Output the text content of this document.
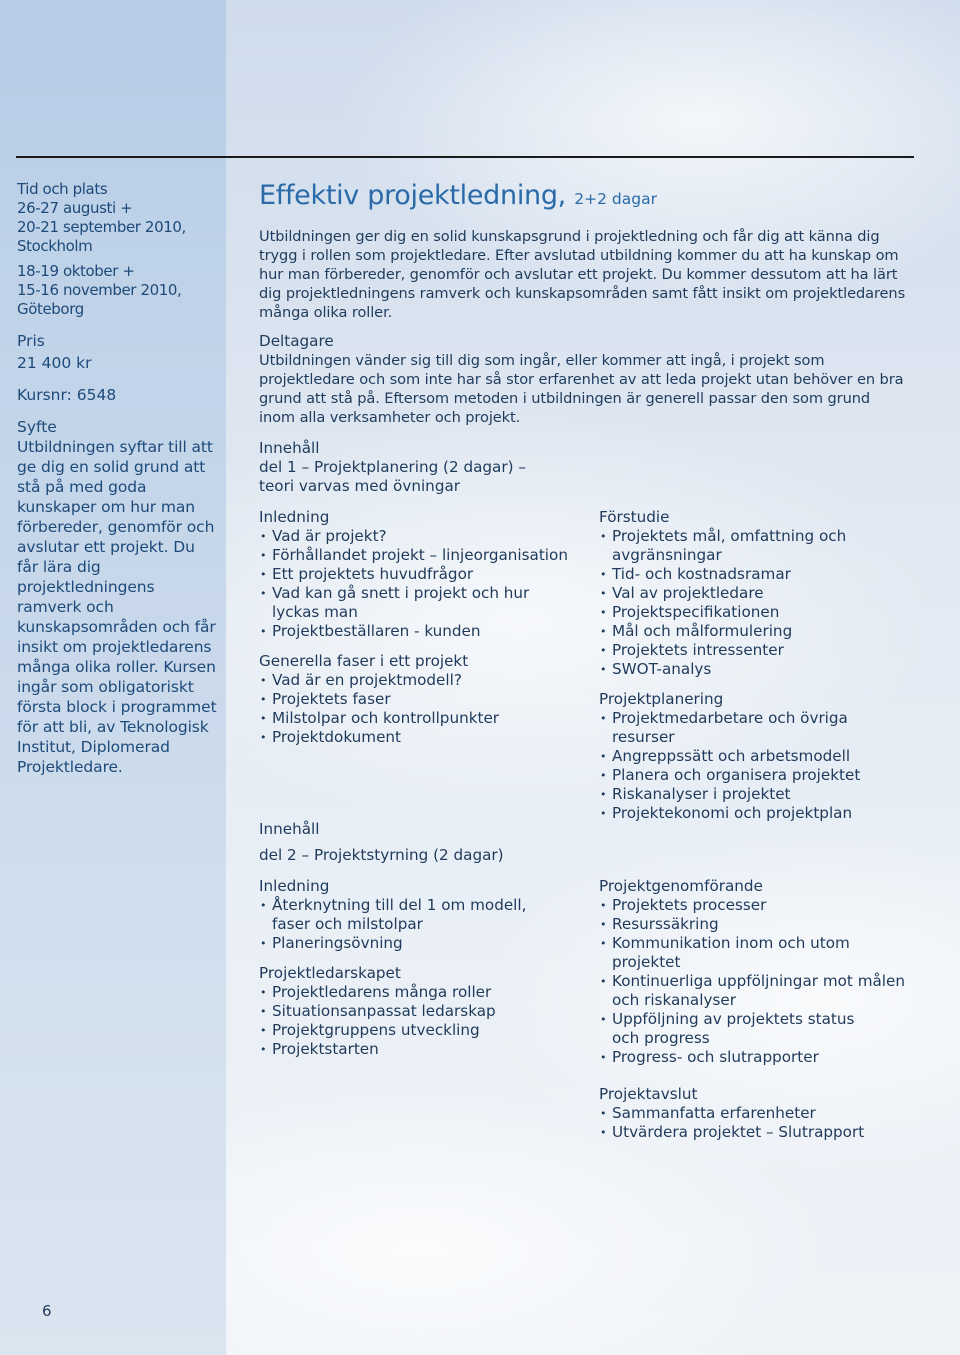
Tid och plats
26-27 augusti +
20-21 september 2010,
Stockholm
18-19 oktober +
15-16 november 2010,
Göteborg
Pris
21 400 kr
Kursnr: 6548
Syfte
Utbildningen syftar till att ge dig en solid grund att stå på med goda kunskaper om hur man förbereder, genomför och avslutar ett projekt. Du får lära dig projektledningens ramverk och kunskapsområden och får insikt om projektledarens många olika roller. Kursen ingår som obligatoriskt första block i programmet för att bli, av Teknologisk Institut, Diplomerad Projektledare.
Effektiv projektledning, 2+2 dagar
Utbildningen ger dig en solid kunskapsgrund i projektledning och får dig att känna dig trygg i rollen som projektledare. Efter avslutad utbildning kommer du att ha kunskap om hur man förbereder, genomför och avslutar ett projekt. Du kommer dessutom att ha lärt dig projektledningens ramverk och kunskapsområden samt fått insikt om projektledarens många olika roller.
Deltagare
Utbildningen vänder sig till dig som ingår, eller kommer att ingå, i projekt som projektledare och som inte har så stor erfarenhet av att leda projekt utan behöver en bra grund att stå på. Eftersom metoden i utbildningen är generell passar den som grund inom alla verksamheter och projekt.
Innehåll
del 1 – Projektplanering (2 dagar) –
teori varvas med övningar
Inledning
• Vad är projekt?
• Förhållandet projekt – linjeorganisation
• Ett projektets huvudfrågor
• Vad kan gå snett i projekt och hur lyckas man
• Projektbeställaren - kunden
Generella faser i ett projekt
• Vad är en projektmodell?
• Projektets faser
• Milstolpar och kontrollpunkter
• Projektdokument
Förstudie
• Projektets mål, omfattning och avgränsningar
• Tid- och kostnadsramar
• Val av projektledare
• Projektspecifikationen
• Mål och målformulering
• Projektets intressenter
• SWOT-analys
Projektplanering
• Projektmedarbetare och övriga resurser
• Angreppssätt och arbetsmodell
• Planera och organisera projektet
• Riskanalyser i projektet
• Projektekonomi och projektplan
Innehåll
del 2 – Projektstyrning (2 dagar)
Inledning
• Återknytning till del 1 om modell, faser och milstolpar
• Planeringsövning
Projektledarskapet
• Projektledarens många roller
• Situationsanpassat ledarskap
• Projektgruppens utveckling
• Projektstarten
Projektgenomförande
• Projektets processer
• Resurssäkring
• Kommunikation inom och utom projektet
• Kontinuerliga uppföljningar mot målen och riskanalyser
• Uppföljning av projektets status och progress
• Progress- och slutrapporter
Projektavslut
• Sammanfatta erfarenheter
• Utvärdera projektet – Slutrapport
6
